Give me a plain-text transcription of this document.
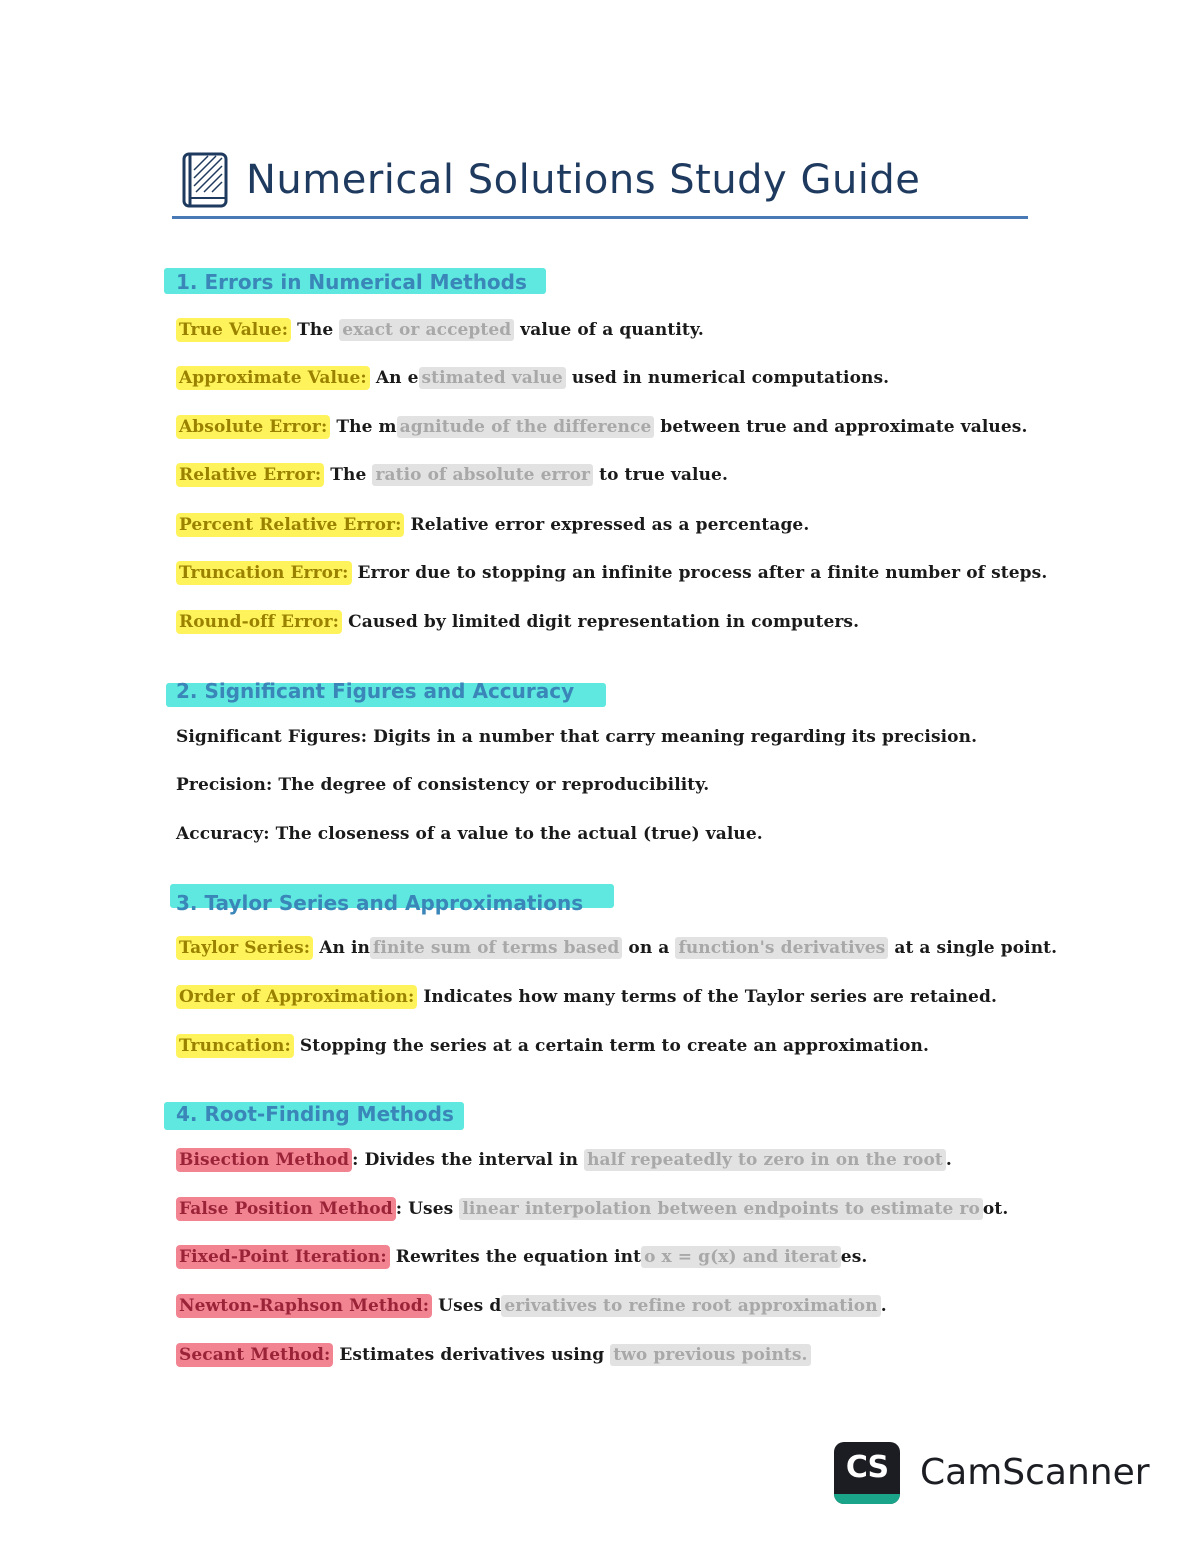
Numerical Solutions Study Guide
1. Errors in Numerical Methods
True Value: The exact or accepted value of a quantity.
Approximate Value: An e stimated value used in numerical computations.
Absolute Error: The m agnitude of the difference between true and approximate values.
Relative Error: The ratio of absolute error to true value.
Percent Relative Error: Relative error expressed as a percentage.
Truncation Error: Error due to stopping an infinite process after a finite number of steps.
Round-off Error: Caused by limited digit representation in computers.
2. Significant Figures and Accuracy
Significant Figures: Digits in a number that carry meaning regarding its precision.
Precision: The degree of consistency or reproducibility.
Accuracy: The closeness of a value to the actual (true) value.
3. Taylor Series and Approximations
Taylor Series: An in finite sum of terms based on a function's derivatives at a single point.
Order of Approximation: Indicates how many terms of the Taylor series are retained.
Truncation: Stopping the series at a certain term to create an approximation.
4. Root-Finding Methods
Bisection Method : Divides the interval in half repeatedly to zero in on the root .
False Position Method : Uses linear interpolation between endpoints to estimate ro ot.
Fixed-Point Iteration: Rewrites the equation int o x = g(x) and iterat es.
Newton-Raphson Method: Uses d erivatives to refine root approximation .
Secant Method: Estimates derivatives using two previous points.
CS CamScanner
